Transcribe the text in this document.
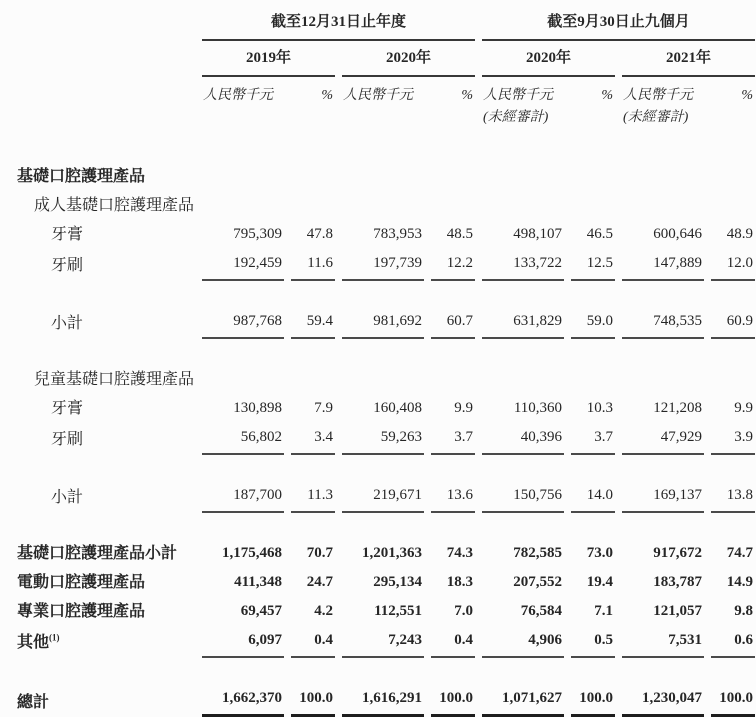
	截至12月31日止年度				截至9月30日止九個月			
	2019年		2020年		2020年		2021年	
	人民幣千元	%	人民幣千元	%	人民幣千元	%	人民幣千元	%
					(未經審計)		(未經審計)	
基礎口腔護理產品								
成人基礎口腔護理產品								
牙膏	795,309	47.8	783,953	48.5	498,107	46.5	600,646	48.9
牙刷	192,459	11.6	197,739	12.2	133,722	12.5	147,889	12.0

小計	987,768	59.4	981,692	60.7	631,829	59.0	748,535	60.9

兒童基礎口腔護理產品								
牙膏	130,898	7.9	160,408	9.9	110,360	10.3	121,208	9.9
牙刷	56,802	3.4	59,263	3.7	40,396	3.7	47,929	3.9

小計	187,700	11.3	219,671	13.6	150,756	14.0	169,137	13.8

基礎口腔護理產品小計	1,175,468	70.7	1,201,363	74.3	782,585	73.0	917,672	74.7
電動口腔護理產品	411,348	24.7	295,134	18.3	207,552	19.4	183,787	14.9
專業口腔護理產品	69,457	4.2	112,551	7.0	76,584	7.1	121,057	9.8
其他$^{(1)}$	6,097	0.4	7,243	0.4	4,906	0.5	7,531	0.6

總計	1,662,370	100.0	1,616,291	100.0	1,071,627	100.0	1,230,047	100.0
